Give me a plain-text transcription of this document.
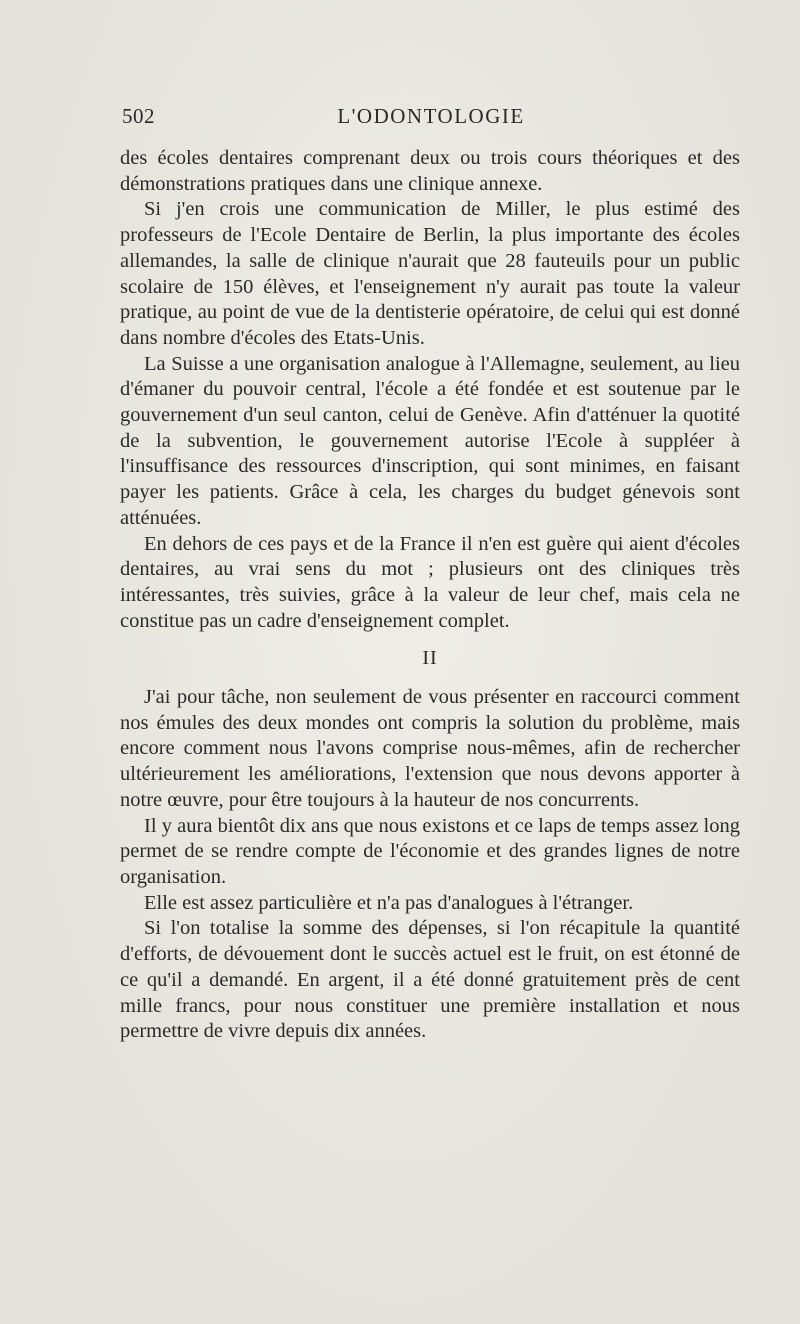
502	L'ODONTOLOGIE

des écoles dentaires comprenant deux ou trois cours théoriques et des démonstrations pratiques dans une clinique annexe.

Si j'en crois une communication de Miller, le plus estimé des professeurs de l'Ecole Dentaire de Berlin, la plus importante des écoles allemandes, la salle de clinique n'aurait que 28 fauteuils pour un public scolaire de 150 élèves, et l'enseignement n'y aurait pas toute la valeur pratique, au point de vue de la dentisterie opératoire, de celui qui est donné dans nombre d'écoles des Etats-Unis.

La Suisse a une organisation analogue à l'Allemagne, seulement, au lieu d'émaner du pouvoir central, l'école a été fondée et est soutenue par le gouvernement d'un seul canton, celui de Genève. Afin d'atténuer la quotité de la subvention, le gouvernement autorise l'Ecole à suppléer à l'insuffisance des ressources d'inscription, qui sont minimes, en faisant payer les patients. Grâce à cela, les charges du budget génevois sont atténuées.

En dehors de ces pays et de la France il n'en est guère qui aient d'écoles dentaires, au vrai sens du mot ; plusieurs ont des cliniques très intéressantes, très suivies, grâce à la valeur de leur chef, mais cela ne constitue pas un cadre d'enseignement complet.

II

J'ai pour tâche, non seulement de vous présenter en raccourci comment nos émules des deux mondes ont compris la solution du problème, mais encore comment nous l'avons comprise nous-mêmes, afin de rechercher ultérieurement les améliorations, l'extension que nous devons apporter à notre œuvre, pour être toujours à la hauteur de nos concurrents.

Il y aura bientôt dix ans que nous existons et ce laps de temps assez long permet de se rendre compte de l'économie et des grandes lignes de notre organisation.

Elle est assez particulière et n'a pas d'analogues à l'étranger.

Si l'on totalise la somme des dépenses, si l'on récapitule la quantité d'efforts, de dévouement dont le succès actuel est le fruit, on est étonné de ce qu'il a demandé. En argent, il a été donné gratuitement près de cent mille francs, pour nous constituer une première installation et nous permettre de vivre depuis dix années.
